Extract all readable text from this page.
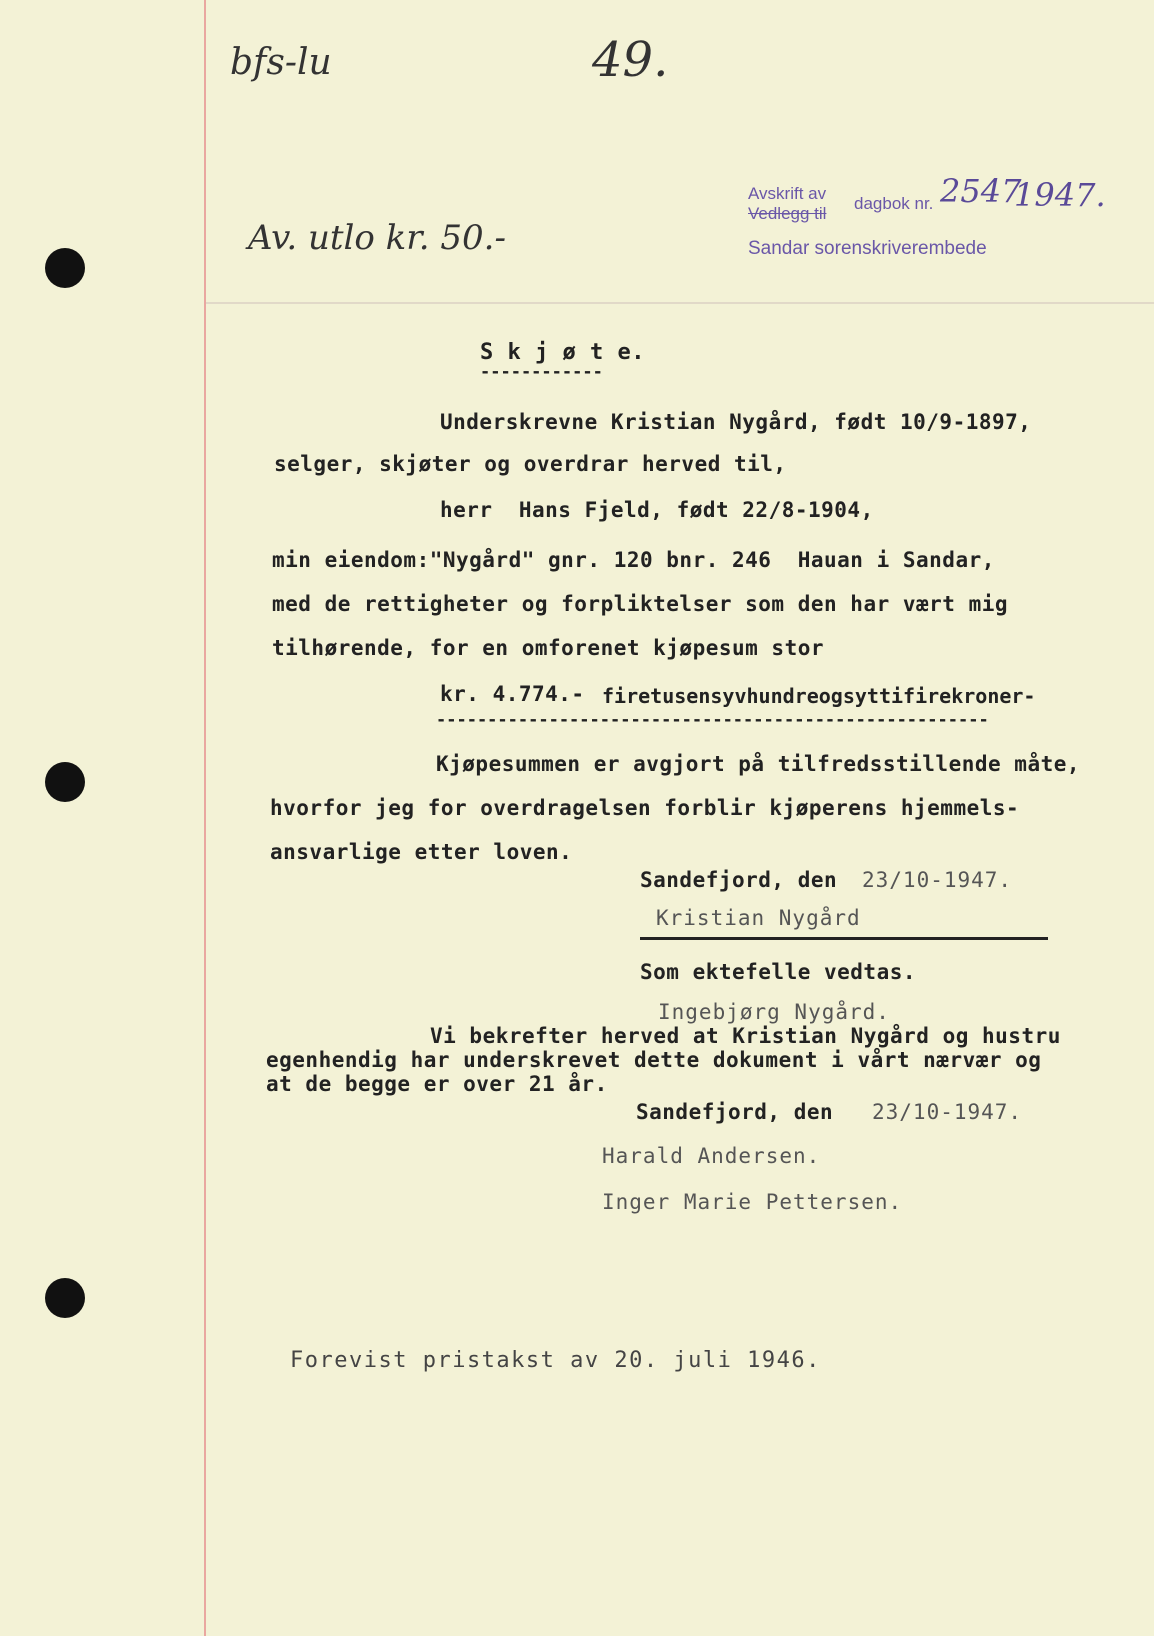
bfs-lu	49.
Av. utlo kr. 50.-
Avskrift av
Vedlegg til
dagbok nr. 2547
1947.
Sandar sorenskriverembede
S k j ø t e.
------------
Underskrevne Kristian Nygård, født 10/9-1897,
selger, skjøter og overdrar herved til,
herr  Hans Fjeld, født 22/8-1904,
min eiendom:"Nygård" gnr. 120 bnr. 246  Hauan i Sandar,
med de rettigheter og forpliktelser som den har vært mig
tilhørende, for en omforenet kjøpesum stor
kr. 4.774.- firetusensyvhundreogsyttifirekroner-
------------------------------------------------------
Kjøpesummen er avgjort på tilfredsstillende måte,
hvorfor jeg for overdragelsen forblir kjøperens hjemmels-
ansvarlige etter loven.
Sandefjord, den 23/10-1947.
Kristian Nygård
Som ektefelle vedtas.
Ingebjørg Nygård.
Vi bekrefter herved at Kristian Nygård og hustru
egenhendig har underskrevet dette dokument i vårt nærvær og
at de begge er over 21 år.
Sandefjord, den 23/10-1947.
Harald Andersen.
Inger Marie Pettersen.
Forevist pristakst av 20. juli 1946.
